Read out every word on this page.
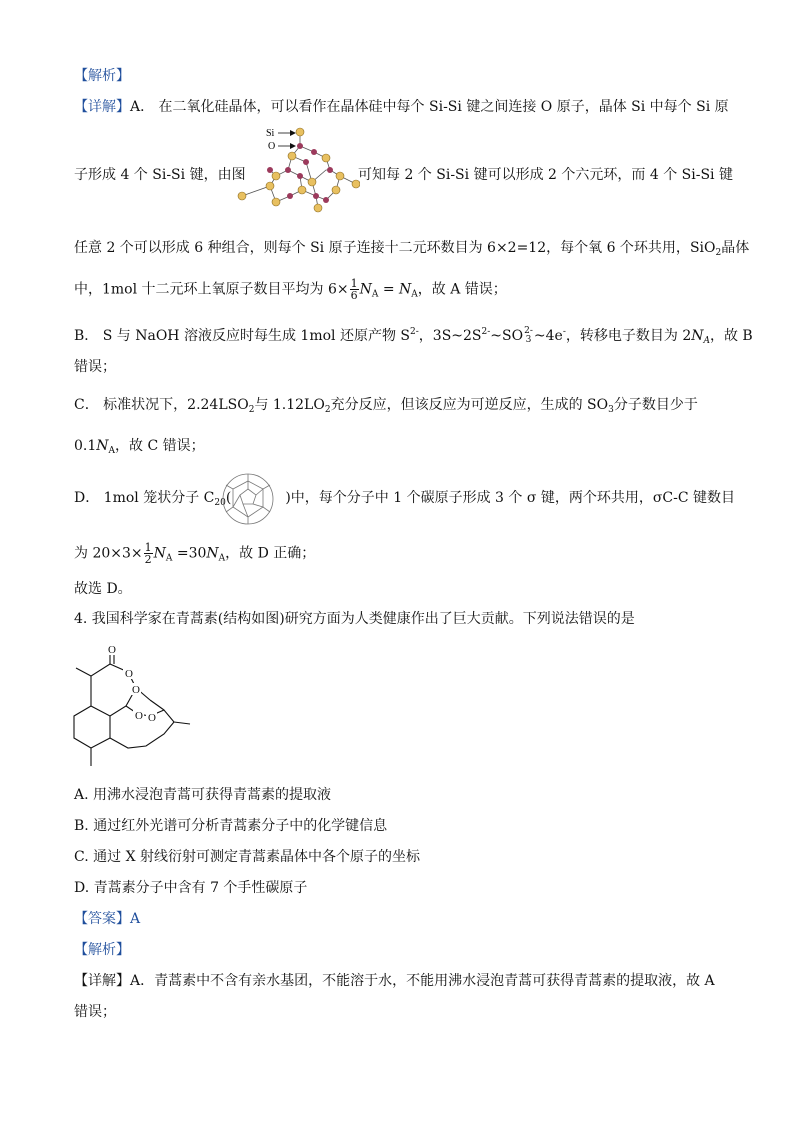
【解析】
【详解】A． 在二氧化硅晶体，可以看作在晶体硅中每个 Si-Si 键之间连接 O 原子，晶体 Si 中每个 Si 原
Si
O
子形成 4 个 Si-Si 键，由图	可知每 2 个 Si-Si 键可以形成 2 个六元环，而 4 个 Si-Si 键
任意 2 个可以形成 6 种组合，则每个 Si 原子连接十二元环数目为 6×2=12，每个氧 6 个环共用，SiO$_2$晶体
中，1mol 十二元环上氧原子数目平均为 $6\times \frac{1}{6} N_A = N_A$，故 A 错误；
B． S 与 NaOH 溶液反应时每生成 1mol 还原产物 $S^{2-}$，$3S\sim 2S^{2-}\sim SO2-$
3 ~4e-，转移电子数目为 $2N_A$，故 B
错误；
C． 标准状况下，$2.24LSO_2$与 $1.12LO_2$充分反应，但该反应为可逆反应，生成的 $SO_3$分子数目少于
$0.1N_A$，故 C 错误；
D． 1mol 笼状分子 $C_{20}$(	)中，每个分子中 1 个碳原子形成 3 个 σ 键，两个环共用，σC-C 键数目
为 $20\times 3\times \frac{1}{2} N_A =30N_A$，故 D 正确；
故选 D。
4. 我国科学家在青蒿素(结构如图)研究方面为人类健康作出了巨大贡献。下列说法错误的是
O
O
O
O O
A. 用沸水浸泡青蒿可获得青蒿素的提取液
B. 通过红外光谱可分析青蒿素分子中的化学键信息
C. 通过 X 射线衍射可测定青蒿素晶体中各个原子的坐标
D. 青蒿素分子中含有 7 个手性碳原子
【答案】A
【解析】
【详解】A．青蒿素中不含有亲水基团，不能溶于水，不能用沸水浸泡青蒿可获得青蒿素的提取液，故 A
错误；
